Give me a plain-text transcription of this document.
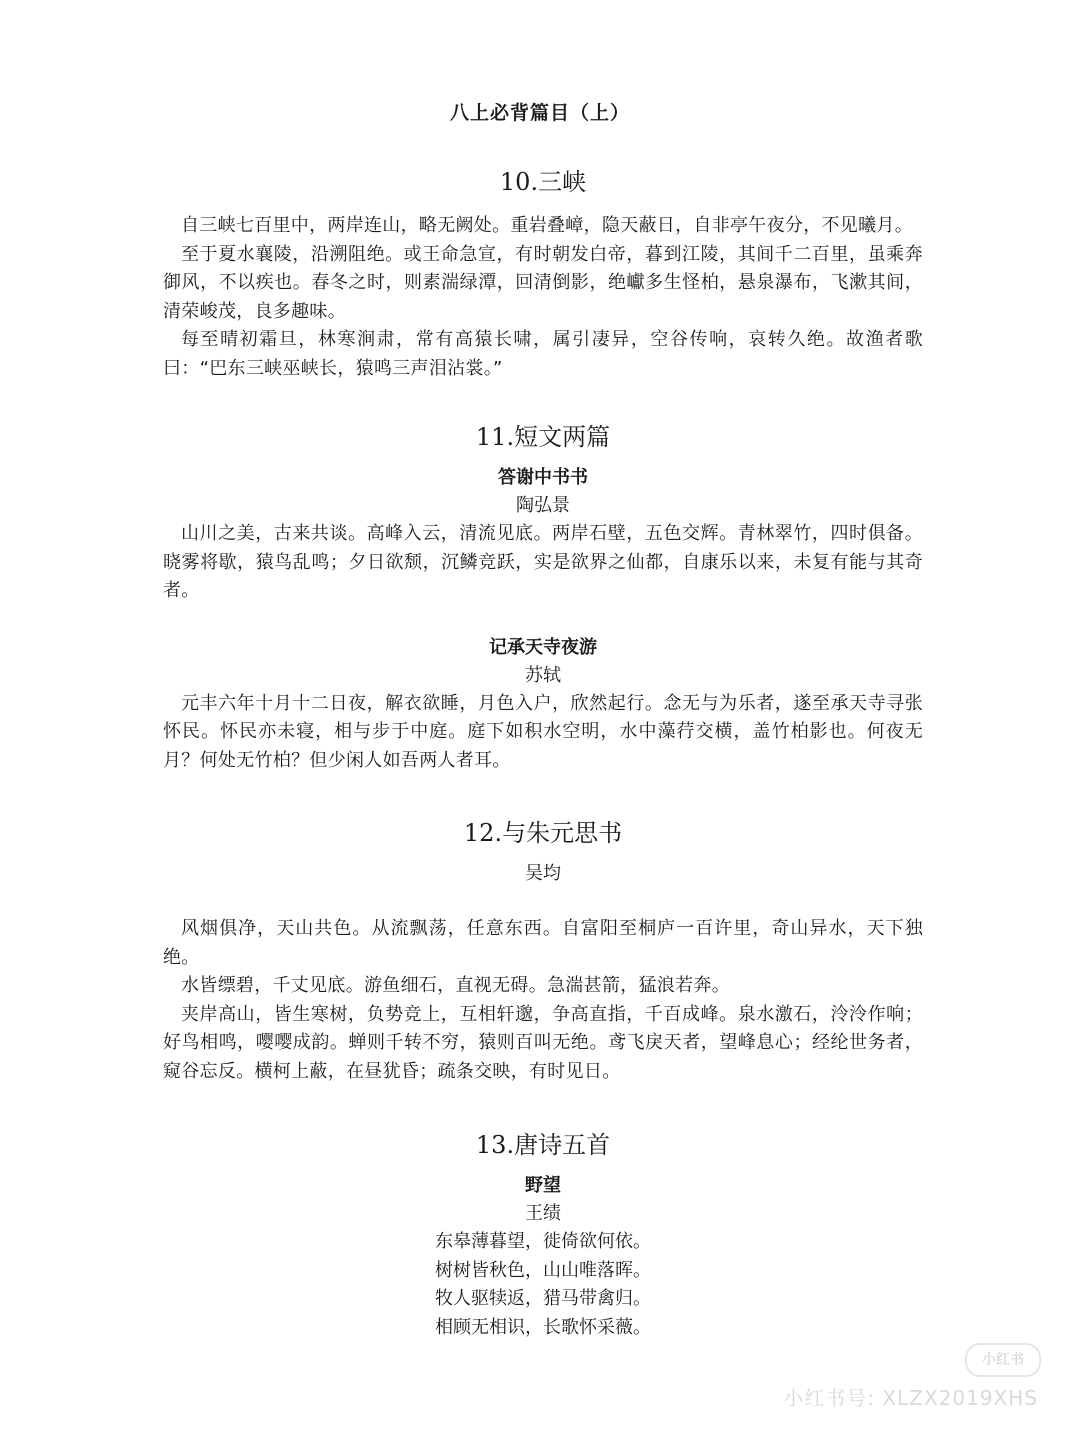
八上必背篇目（上）
10.三峡

自三峡七百里中，两岸连山，略无阙处。重岩叠嶂，隐天蔽日，自非亭午夜分，不见曦月。

至于夏水襄陵，沿溯阻绝。或王命急宣，有时朝发白帝，暮到江陵，其间千二百里，虽乘奔御风，不以疾也。春冬之时，则素湍绿潭，回清倒影，绝巘多生怪柏，悬泉瀑布，飞漱其间，清荣峻茂，良多趣味。

每至晴初霜旦，林寒涧肃，常有高猿长啸，属引凄异，空谷传响，哀转久绝。故渔者歌曰：“巴东三峡巫峡长，猿鸣三声泪沾裳。”

11.短文两篇
答谢中书书
陶弘景

山川之美，古来共谈。高峰入云，清流见底。两岸石壁，五色交辉。青林翠竹，四时俱备。晓雾将歇，猿鸟乱鸣；夕日欲颓，沉鳞竞跃，实是欲界之仙都，自康乐以来，未复有能与其奇者。

记承天寺夜游
苏轼

元丰六年十月十二日夜，解衣欲睡，月色入户，欣然起行。念无与为乐者，遂至承天寺寻张怀民。怀民亦未寝，相与步于中庭。庭下如积水空明，水中藻荇交横，盖竹柏影也。何夜无月？何处无竹柏？但少闲人如吾两人者耳。

12.与朱元思书
吴均

风烟俱净，天山共色。从流飘荡，任意东西。自富阳至桐庐一百许里，奇山异水，天下独绝。

水皆缥碧，千丈见底。游鱼细石，直视无碍。急湍甚箭，猛浪若奔。

夹岸高山，皆生寒树，负势竞上，互相轩邈，争高直指，千百成峰。泉水激石，泠泠作响；好鸟相鸣，嘤嘤成韵。蝉则千转不穷，猿则百叫无绝。鸢飞戾天者，望峰息心；经纶世务者，窥谷忘反。横柯上蔽，在昼犹昏；疏条交映，有时见日。

13.唐诗五首
野望
王绩
东皋薄暮望，徙倚欲何依。
树树皆秋色，山山唯落晖。
牧人驱犊返，猎马带禽归。
相顾无相识，长歌怀采薇。
小红书
小红书号: XLZX2019XHS
